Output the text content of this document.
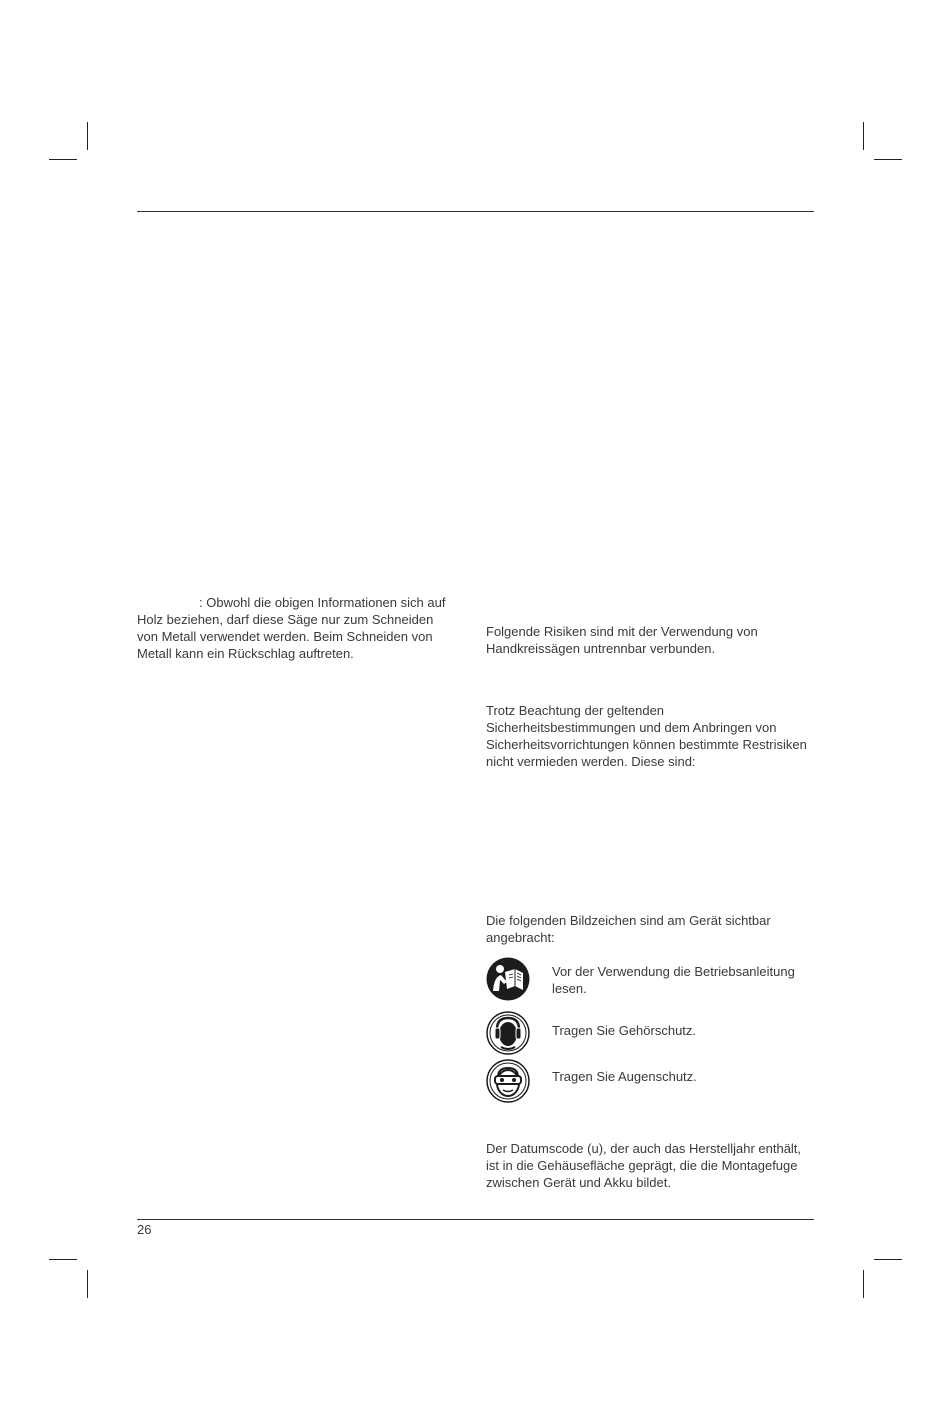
: Obwohl die obigen Informationen sich auf Holz beziehen, darf diese Säge nur zum Schneiden von Metall verwendet werden. Beim Schneiden von Metall kann ein Rückschlag auftreten.
Folgende Risiken sind mit der Verwendung von Handkreissägen untrennbar verbunden.
Trotz Beachtung der geltenden Sicherheitsbestimmungen und dem Anbringen von Sicherheitsvorrichtungen können bestimmte Restrisiken nicht vermieden werden. Diese sind:
Die folgenden Bildzeichen sind am Gerät sichtbar angebracht:
Vor der Verwendung die Betriebsanleitung lesen.
Tragen Sie Gehörschutz.
Tragen Sie Augenschutz.
Der Datumscode (u), der auch das Herstelljahr enthält, ist in die Gehäusefläche geprägt, die die Montagefuge zwischen Gerät und Akku bildet.
26
